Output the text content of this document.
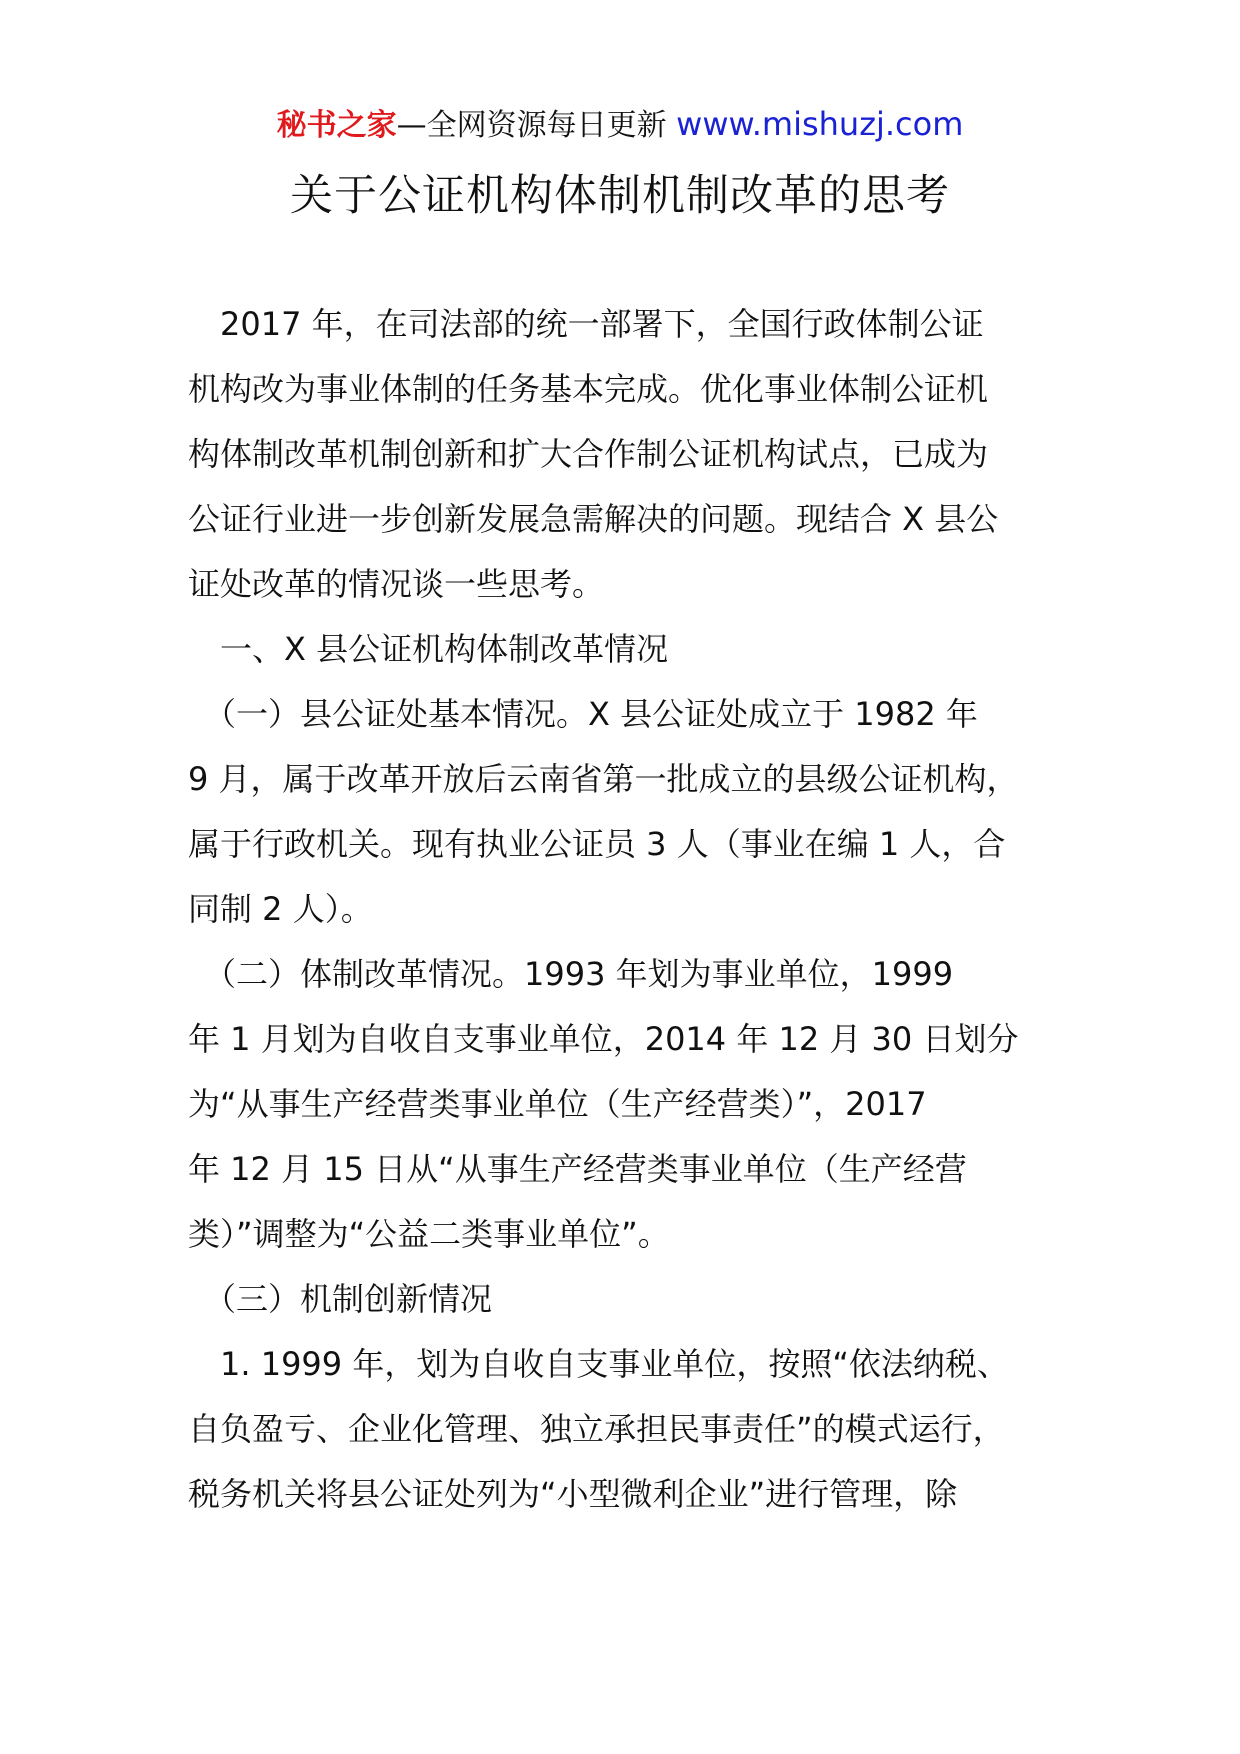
秘书之家—全网资源每日更新 www.mishuzj.com
关于公证机构体制机制改革的思考
　2017 年，在司法部的统一部署下，全国行政体制公证
机构改为事业体制的任务基本完成。优化事业体制公证机
构体制改革机制创新和扩大合作制公证机构试点，已成为
公证行业进一步创新发展急需解决的问题。现结合 X 县公
证处改革的情况谈一些思考。
　一、X 县公证机构体制改革情况
　（一）县公证处基本情况。X 县公证处成立于 1982 年
9 月，属于改革开放后云南省第一批成立的县级公证机构，
属于行政机关。现有执业公证员 3 人（事业在编 1 人，合
同制 2 人）。
　（二）体制改革情况。1993 年划为事业单位，1999
年 1 月划为自收自支事业单位，2014 年 12 月 30 日划分
为“从事生产经营类事业单位（生产经营类）”，2017
年 12 月 15 日从“从事生产经营类事业单位（生产经营
类）”调整为“公益二类事业单位”。
　（三）机制创新情况
　1. 1999 年，划为自收自支事业单位，按照“依法纳税、
自负盈亏、企业化管理、独立承担民事责任”的模式运行，
税务机关将县公证处列为“小型微利企业”进行管理，除
